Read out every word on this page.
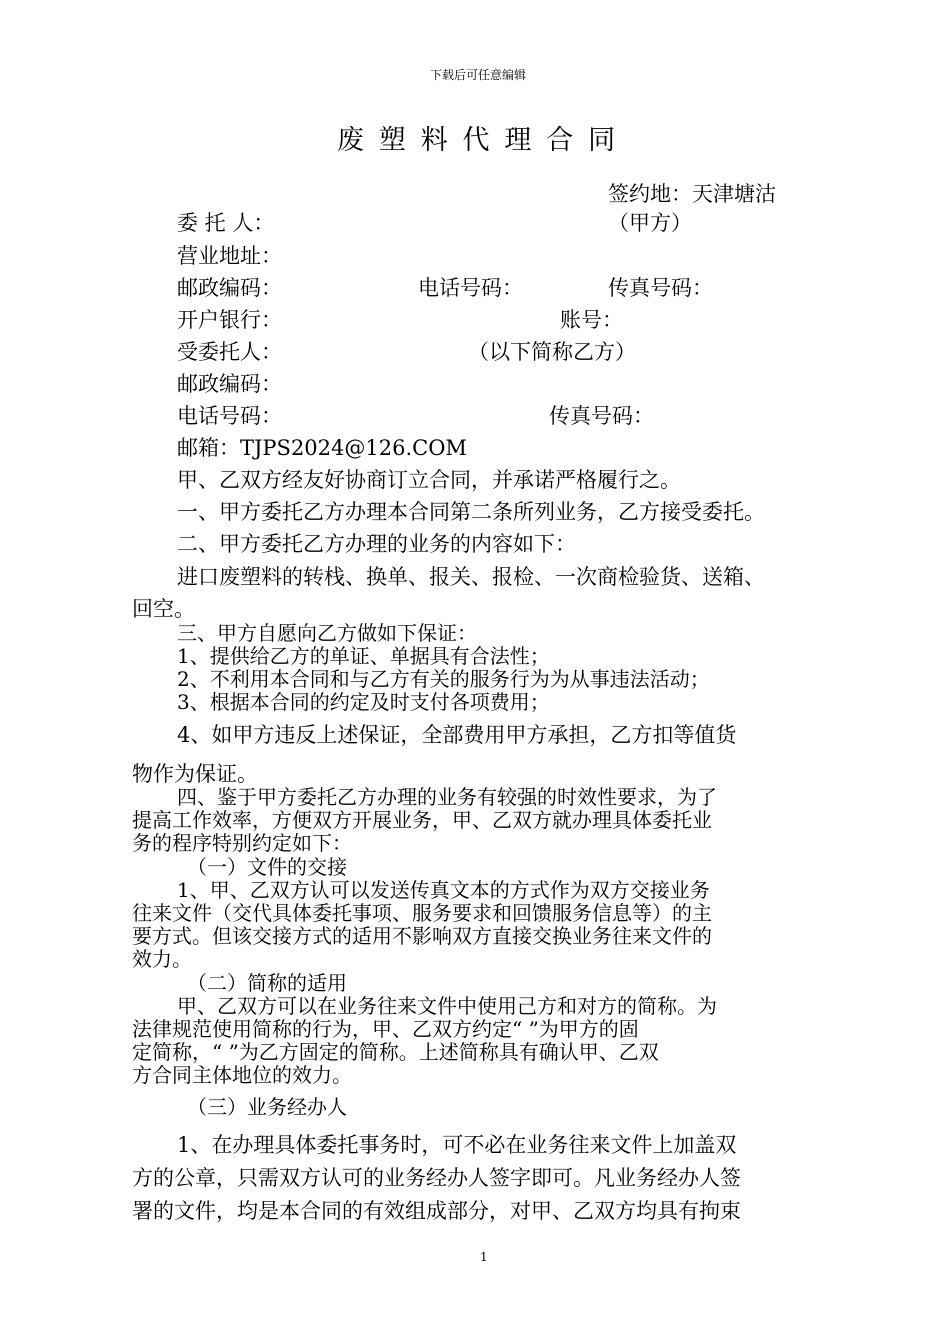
下载后可任意编辑
废塑料代理合同
签约地：天津塘沽
委 托 人：	（甲方）
营业地址：
邮政编码：	电话号码：	传真号码：
开户银行：	账号：
受委托人：	（以下简称乙方）
邮政编码：
电话号码：	传真号码：
邮箱：TJPS2024@126.COM
甲、乙双方经友好协商订立合同，并承诺严格履行之。
一、甲方委托乙方办理本合同第二条所列业务，乙方接受委托。
二、甲方委托乙方办理的业务的内容如下：
进口废塑料的转栈、换单、报关、报检、一次商检验货、送箱、
回空。
三、甲方自愿向乙方做如下保证：
1、提供给乙方的单证、单据具有合法性；
2、不利用本合同和与乙方有关的服务行为为从事违法活动；
3、根据本合同的约定及时支付各项费用；
4、如甲方违反上述保证，全部费用甲方承担，乙方扣等值货
物作为保证。
四、鉴于甲方委托乙方办理的业务有较强的时效性要求，为了
提高工作效率，方便双方开展业务，甲、乙双方就办理具体委托业
务的程序特别约定如下：
（一）文件的交接
1、甲、乙双方认可以发送传真文本的方式作为双方交接业务
往来文件（交代具体委托事项、服务要求和回馈服务信息等）的主
要方式。但该交接方式的适用不影响双方直接交换业务往来文件的
效力。
（二）简称的适用
甲、乙双方可以在业务往来文件中使用己方和对方的简称。为
法律规范使用简称的行为，甲、乙双方约定“ ”为甲方的固
定简称，“ ”为乙方固定的简称。上述简称具有确认甲、乙双
方合同主体地位的效力。
（三）业务经办人
1、在办理具体委托事务时，可不必在业务往来文件上加盖双
方的公章，只需双方认可的业务经办人签字即可。凡业务经办人签
署的文件，均是本合同的有效组成部分，对甲、乙双方均具有拘束
1
